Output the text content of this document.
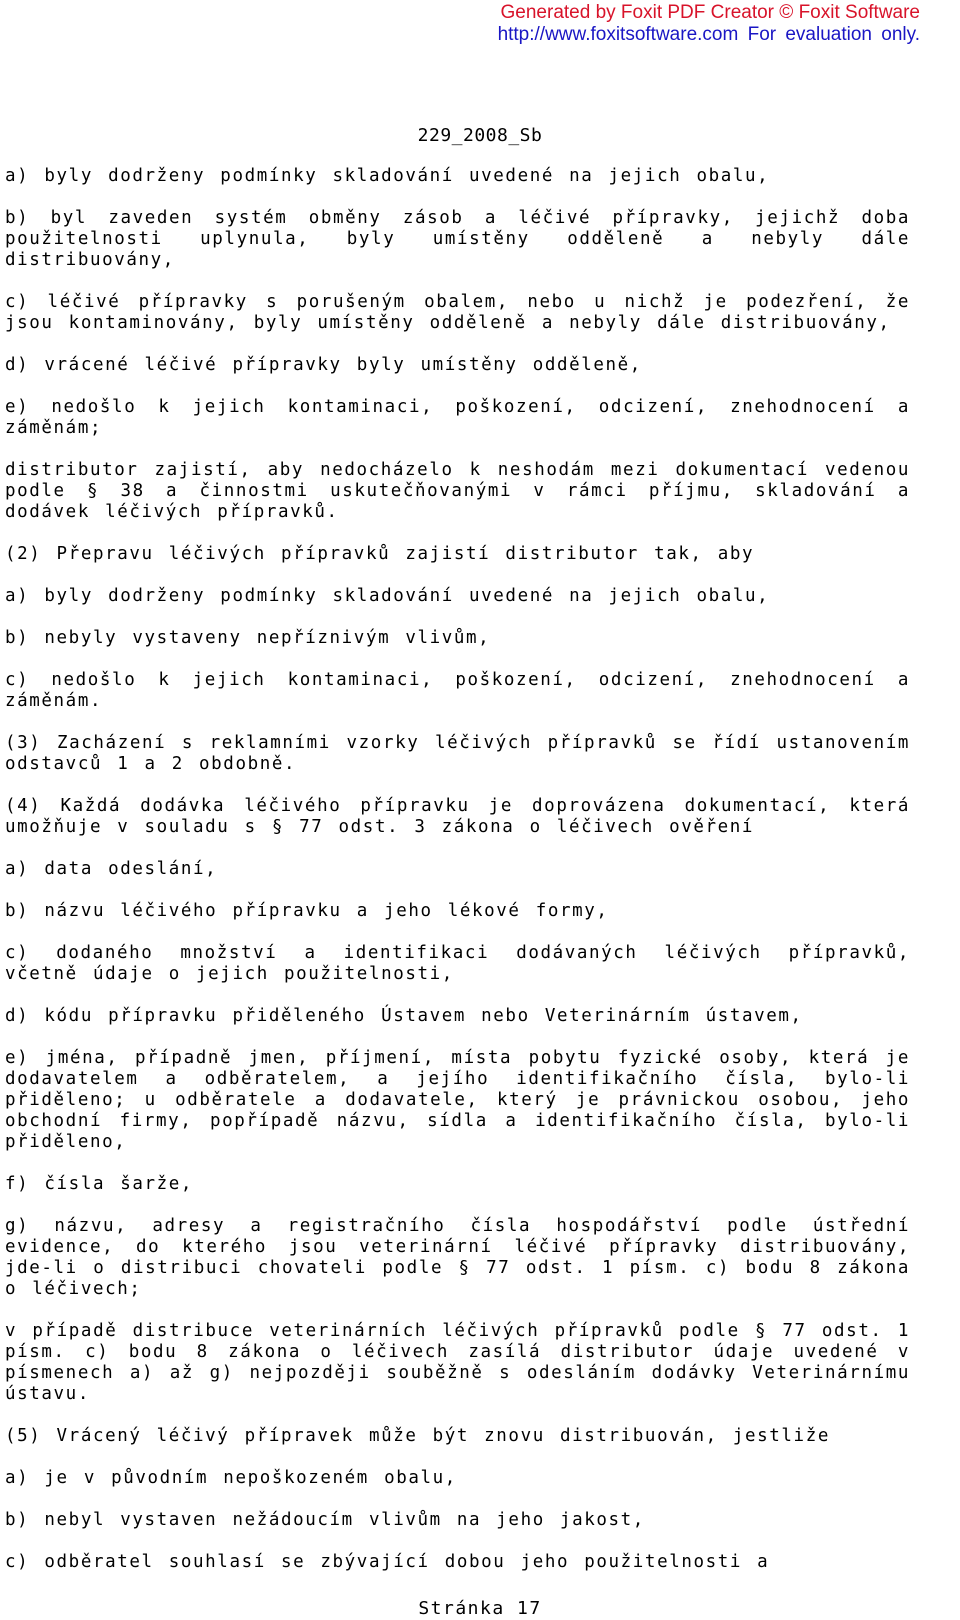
Generated by Foxit PDF Creator © Foxit Software
http://www.foxitsoftware.com For evaluation only.
229_2008_Sb

a) byly dodrženy podmínky skladování uvedené na jejich obalu,

b) byl zaveden systém obměny zásob a léčivé přípravky, jejichž doba použitelnosti uplynula, byly umístěny odděleně a nebyly dále distribuovány,

c) léčivé přípravky s porušeným obalem, nebo u nichž je podezření, že jsou kontaminovány, byly umístěny odděleně a nebyly dále distribuovány,

d) vrácené léčivé přípravky byly umístěny odděleně,

e) nedošlo k jejich kontaminaci, poškození, odcizení, znehodnocení a záměnám;

distributor zajistí, aby nedocházelo k neshodám mezi dokumentací vedenou podle § 38 a činnostmi uskutečňovanými v rámci příjmu, skladování a dodávek léčivých přípravků.

(2) Přepravu léčivých přípravků zajistí distributor tak, aby

a) byly dodrženy podmínky skladování uvedené na jejich obalu,

b) nebyly vystaveny nepříznivým vlivům,

c) nedošlo k jejich kontaminaci, poškození, odcizení, znehodnocení a záměnám.

(3) Zacházení s reklamními vzorky léčivých přípravků se řídí ustanovením odstavců 1 a 2 obdobně.

(4) Každá dodávka léčivého přípravku je doprovázena dokumentací, která umožňuje v souladu s § 77 odst. 3 zákona o léčivech ověření

a) data odeslání,

b) názvu léčivého přípravku a jeho lékové formy,

c) dodaného množství a identifikaci dodávaných léčivých přípravků, včetně údaje o jejich použitelnosti,

d) kódu přípravku přiděleného Ústavem nebo Veterinárním ústavem,

e) jména, případně jmen, příjmení, místa pobytu fyzické osoby, která je dodavatelem a odběratelem, a jejího identifikačního čísla, bylo-li přiděleno; u odběratele a dodavatele, který je právnickou osobou, jeho obchodní firmy, popřípadě názvu, sídla a identifikačního čísla, bylo-li přiděleno,

f) čísla šarže,

g) názvu, adresy a registračního čísla hospodářství podle ústřední evidence, do kterého jsou veterinární léčivé přípravky distribuovány, jde-li o distribuci chovateli podle § 77 odst. 1 písm. c) bodu 8 zákona o léčivech;

v případě distribuce veterinárních léčivých přípravků podle § 77 odst. 1 písm. c) bodu 8 zákona o léčivech zasílá distributor údaje uvedené v písmenech a) až g) nejpozději souběžně s odesláním dodávky Veterinárnímu ústavu.

(5) Vrácený léčivý přípravek může být znovu distribuován, jestliže

a) je v původním nepoškozeném obalu,

b) nebyl vystaven nežádoucím vlivům na jeho jakost,

c) odběratel souhlasí se zbývající dobou jeho použitelnosti a

Stránka 17
